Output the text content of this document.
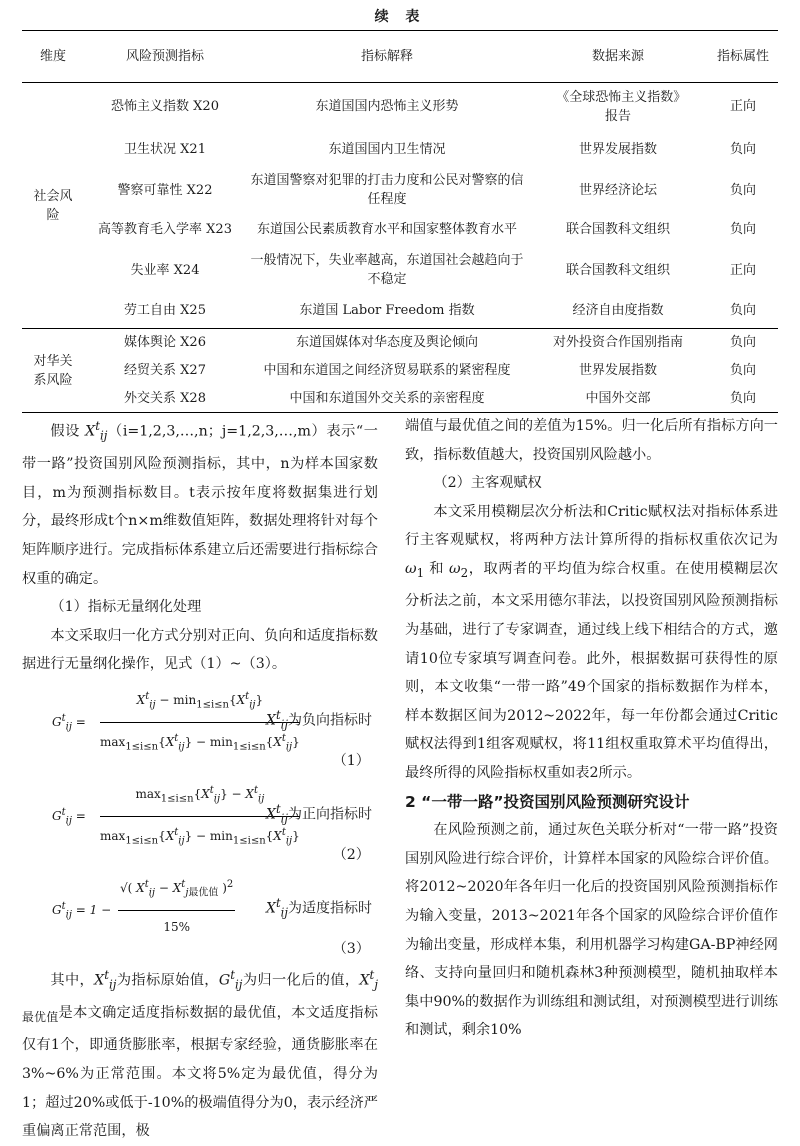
续 表
维度	风险预测指标	指标解释	数据来源	指标属性
社会风险	恐怖主义指数 X20	东道国国内恐怖主义形势	《全球恐怖主义指数》报告	正向
	卫生状况 X21	东道国国内卫生情况	世界发展指数	负向
	警察可靠性 X22	东道国警察对犯罪的打击力度和公民对警察的信任程度	世界经济论坛	负向
	高等教育毛入学率 X23	东道国公民素质教育水平和国家整体教育水平	联合国教科文组织	负向
	失业率 X24	一般情况下，失业率越高，东道国社会越趋向于不稳定	联合国教科文组织	正向
	劳工自由 X25	东道国 Labor Freedom 指数	经济自由度指数	负向
对华关系风险	媒体舆论 X26	东道国媒体对华态度及舆论倾向	对外投资合作国别指南	负向
	经贸关系 X27	中国和东道国之间经济贸易联系的紧密程度	世界发展指数	负向
	外交关系 X28	中国和东道国外交关系的亲密程度	中国外交部	负向

假设 $X^t_{ij}(i=1,2,3,\dots,n$；j=1,2,3,…,m）表示“一带一路”投资国别风险预测指标，其中，n为样本国家数目，m为预测指标数目。t表示按年度将数据集进行划分，最终形成t个n×m维数值矩阵，数据处理将针对每个矩阵顺序进行。完成指标体系建立后还需要进行指标综合权重的确定。

（1）指标无量纲化处理

本文采取归一化方式分别对正向、负向和适度指标数据进行无量纲化操作，见式（1）~（3）。

$G^t_{ij}$ =
$X^t_{ij} - \min_{1\le i\le n}\{X^t_{ij}\}$
$\max_{1\le i\le n}\{X^t_{ij}\} - \min_{1\le i\le n}\{X^t_{ij}\}$
$X^t_{ij}$为负向指标时
（1）
$G^t_{ij}$ =
$\max_{1\le i\le n}\{X^t_{ij}\} - X^t_{ij}$
$\max_{1\le i\le n}\{X^t_{ij}\} - \min_{1\le i\le n}\{X^t_{ij}\}$
$X^t_{ij}$为正向指标时
（2）
$G^t_{ij} = 1$ −
√( $X^t_{ij} - X^t_{j最优值}$ )$^2$
15%
$X^t_{ij}$为适度指标时
（3）

其中，$X^t_{ij}$为指标原始值，$G^t_{ij}$为归一化后的值，$X^t_{j最优值}$是本文确定适度指标数据的最优值，本文适度指标仅有1个，即通货膨胀率，根据专家经验，通货膨胀率在3%~6%为正常范围。本文将5%定为最优值，得分为1；超过20%或低于-10%的极端值得分为0，表示经济严重偏离正常范围，极

端值与最优值之间的差值为15%。归一化后所有指标方向一致，指标数值越大，投资国别风险越小。

（2）主客观赋权

本文采用模糊层次分析法和Critic赋权法对指标体系进行主客观赋权，将两种方法计算所得的指标权重依次记为 $\omega_1$ 和 $\omega_2$，取两者的平均值为综合权重。在使用模糊层次分析法之前，本文采用德尔菲法，以投资国别风险预测指标为基础，进行了专家调查，通过线上线下相结合的方式，邀请10位专家填写调查问卷。此外，根据数据可获得性的原则，本文收集“一带一路”49个国家的指标数据作为样本，样本数据区间为2012~2022年，每一年份都会通过Critic赋权法得到1组客观赋权，将11组权重取算术平均值得出，最终所得的风险指标权重如表2所示。

2 “一带一路”投资国别风险预测研究设计

在风险预测之前，通过灰色关联分析对“一带一路”投资国别风险进行综合评价，计算样本国家的风险综合评价值。将2012~2020年各年归一化后的投资国别风险预测指标作为输入变量，2013~2021年各个国家的风险综合评价值作为输出变量，形成样本集，利用机器学习构建GA-BP神经网络、支持向量回归和随机森林3种预测模型，随机抽取样本集中90%的数据作为训练组和测试组，对预测模型进行训练和测试，剩余10%
